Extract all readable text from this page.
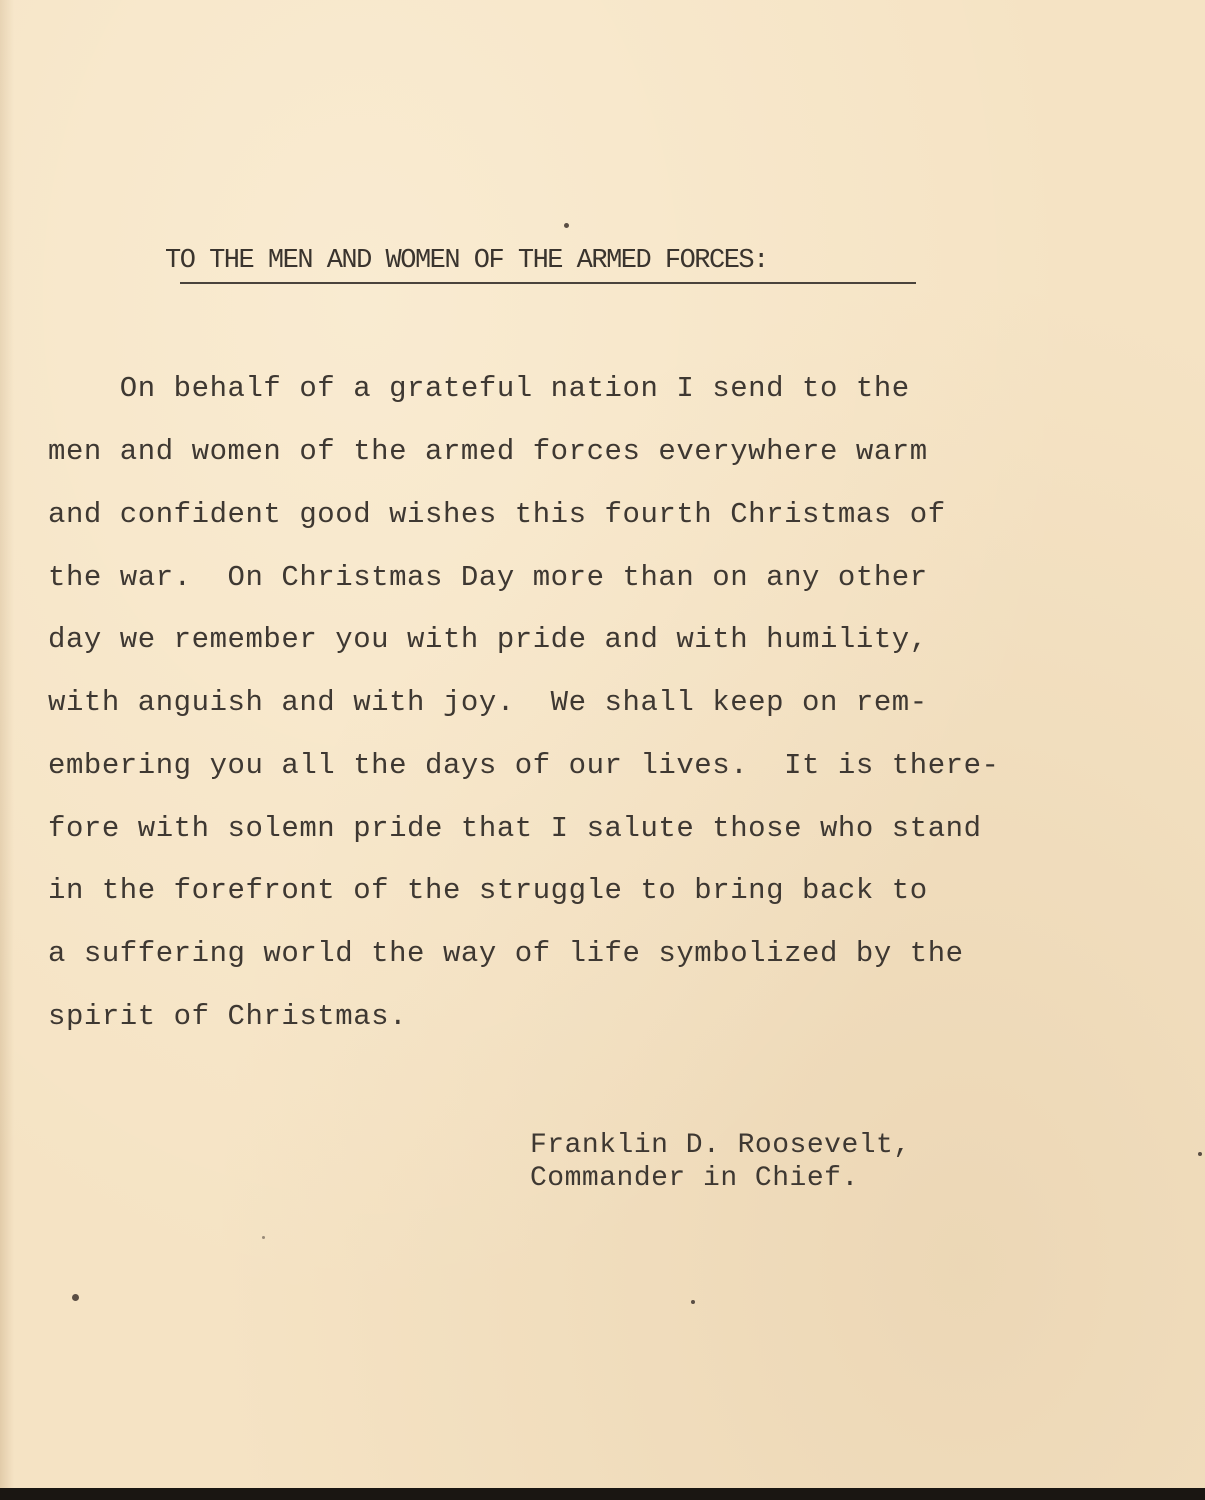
TO THE MEN AND WOMEN OF THE ARMED FORCES:
On behalf of a grateful nation I send to the
men and women of the armed forces everywhere warm
and confident good wishes this fourth Christmas of
the war.  On Christmas Day more than on any other
day we remember you with pride and with humility,
with anguish and with joy.  We shall keep on rem-
embering you all the days of our lives.  It is there-
fore with solemn pride that I salute those who stand
in the forefront of the struggle to bring back to
a suffering world the way of life symbolized by the
spirit of Christmas.
Franklin D. Roosevelt,
Commander in Chief.
